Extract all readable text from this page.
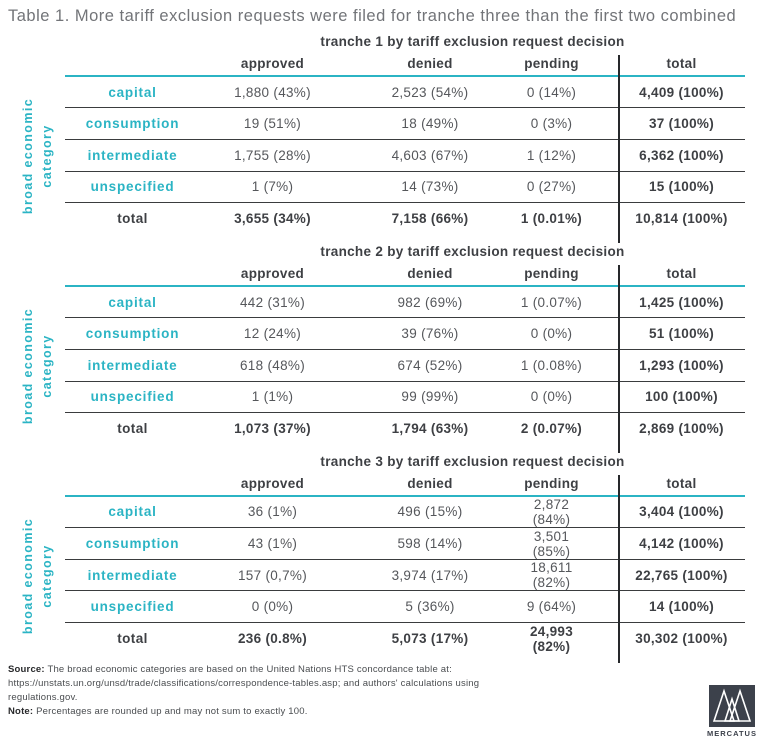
Table 1. More tariff exclusion requests were filed for tranche three than the first two combined
broad economic category
tranche 1 by tariff exclusion request decision
approved	denied	pending	total
capital	1,880 (43%)	2,523 (54%)	0 (14%)	4,409 (100%)
consumption	19 (51%)	18 (49%)	0 (3%)	37 (100%)
intermediate	1,755 (28%)	4,603 (67%)	1 (12%)	6,362 (100%)
unspecified	1 (7%)	14 (73%)	0 (27%)	15 (100%)
total	3,655 (34%)	7,158 (66%)	1 (0.01%)	10,814 (100%)
broad economic category
tranche 2 by tariff exclusion request decision
approved	denied	pending	total
capital	442 (31%)	982 (69%)	1 (0.07%)	1,425 (100%)
consumption	12 (24%)	39 (76%)	0 (0%)	51 (100%)
intermediate	618 (48%)	674 (52%)	1 (0.08%)	1,293 (100%)
unspecified	1 (1%)	99 (99%)	0 (0%)	100 (100%)
total	1,073 (37%)	1,794 (63%)	2 (0.07%)	2,869 (100%)
broad economic category
tranche 3 by tariff exclusion request decision
approved	denied	pending	total
capital	36 (1%)	496 (15%)	2,872 (84%)	3,404 (100%)
consumption	43 (1%)	598 (14%)	3,501 (85%)	4,142 (100%)
intermediate	157 (0,7%)	3,974 (17%)	18,611 (82%)	22,765 (100%)
unspecified	0 (0%)	5 (36%)	9 (64%)	14 (100%)
total	236 (0.8%)	5,073 (17%)	24,993 (82%)	30,302 (100%)
Source: The broad economic categories are based on the United Nations HTS concordance table at:
https://unstats.un.org/unsd/trade/classifications/correspondence-tables.asp; and authors' calculations using
regulations.gov.
Note: Percentages are rounded up and may not sum to exactly 100.
MERCATUS
